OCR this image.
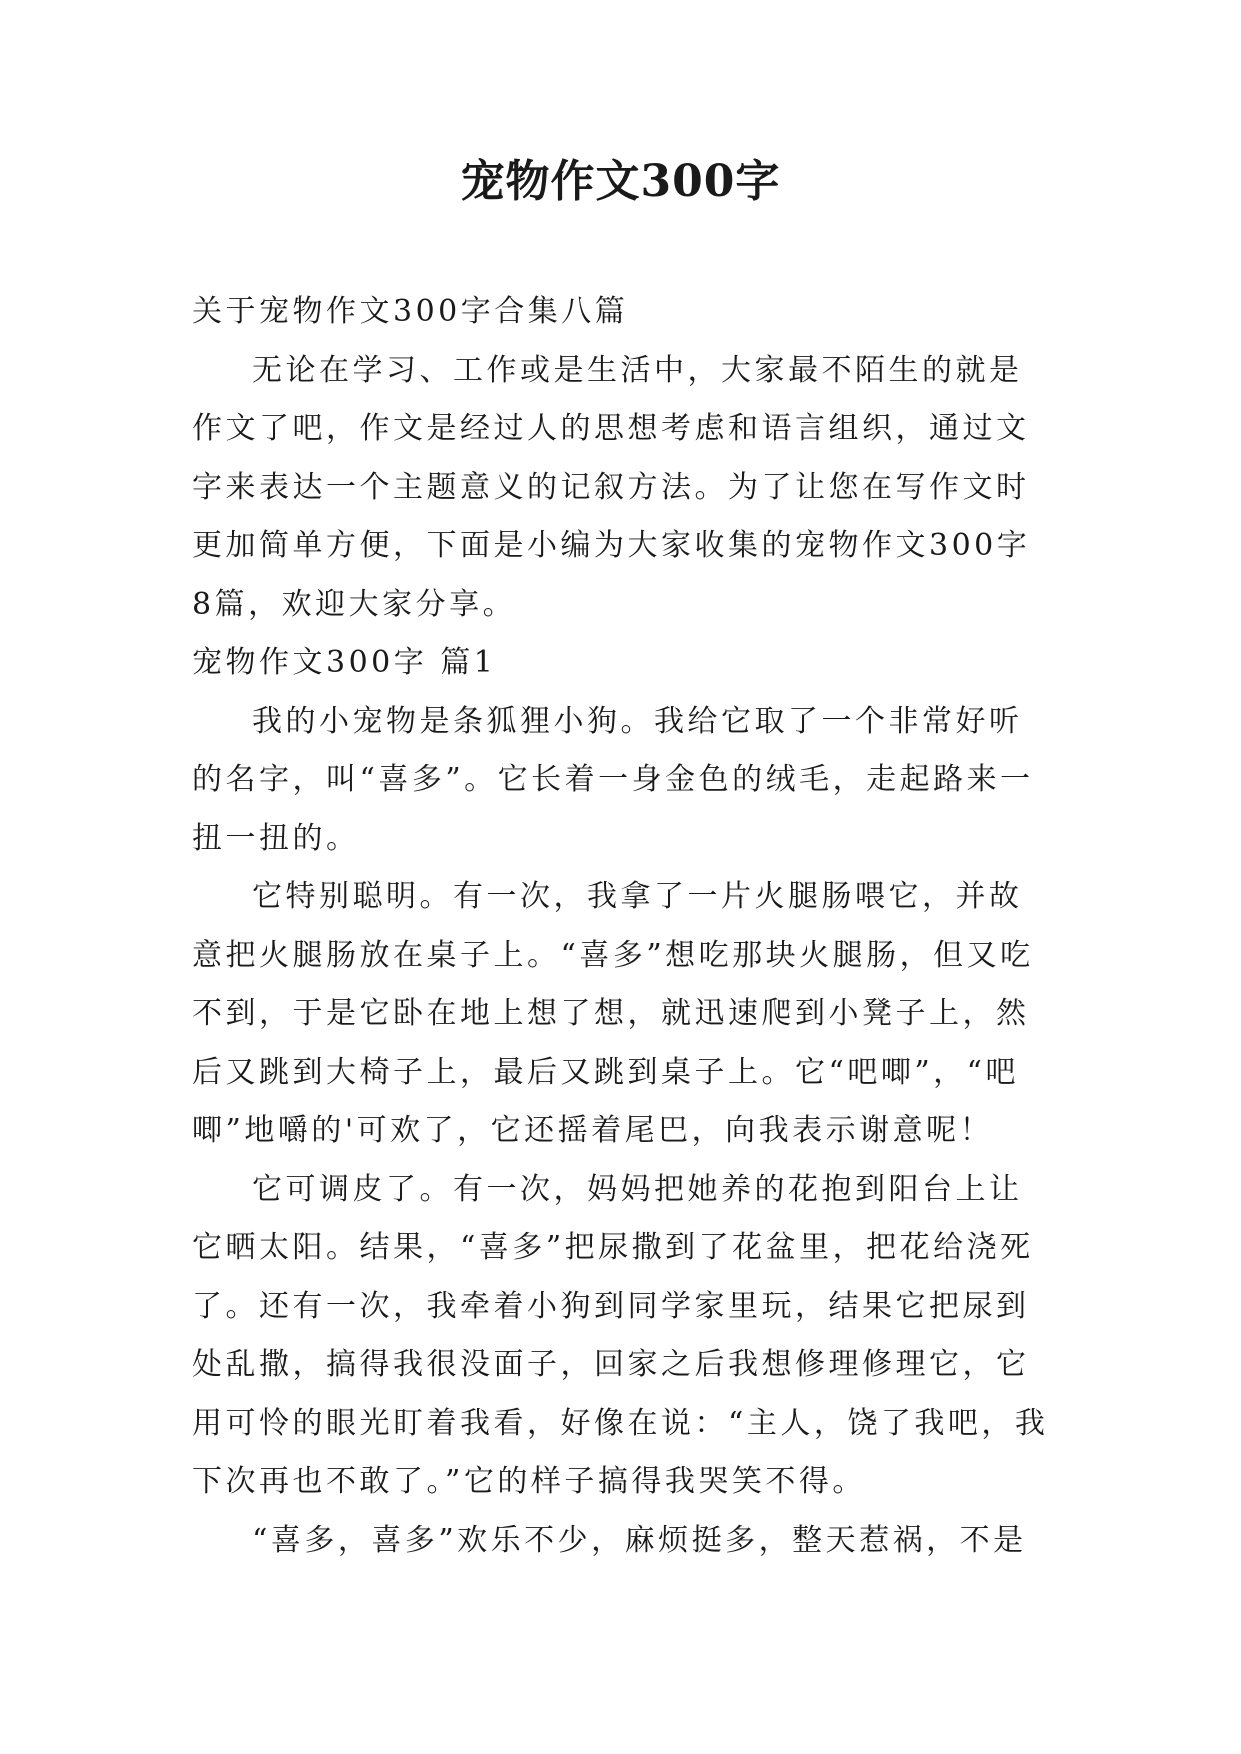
宠物作文300字

关于宠物作文300字合集八篇

无论在学习、工作或是生活中，大家最不陌生的就是作文了吧，作文是经过人的思想考虑和语言组织，通过文字来表达一个主题意义的记叙方法。为了让您在写作文时更加简单方便，下面是小编为大家收集的宠物作文300字8篇，欢迎大家分享。

宠物作文300字 篇1

我的小宠物是条狐狸小狗。我给它取了一个非常好听的名字，叫“喜多”。它长着一身金色的绒毛，走起路来一扭一扭的。

它特别聪明。有一次，我拿了一片火腿肠喂它，并故意把火腿肠放在桌子上。“喜多”想吃那块火腿肠，但又吃不到，于是它卧在地上想了想，就迅速爬到小凳子上，然后又跳到大椅子上，最后又跳到桌子上。它“吧唧”，“吧唧”地嚼的'可欢了，它还摇着尾巴，向我表示谢意呢！

它可调皮了。有一次，妈妈把她养的花抱到阳台上让它晒太阳。结果，“喜多”把尿撒到了花盆里，把花给浇死了。还有一次，我牵着小狗到同学家里玩，结果它把尿到处乱撒，搞得我很没面子，回家之后我想修理修理它，它用可怜的眼光盯着我看，好像在说：“主人，饶了我吧，我下次再也不敢了。”它的样子搞得我哭笑不得。

“喜多，喜多”欢乐不少，麻烦挺多，整天惹祸，不是
